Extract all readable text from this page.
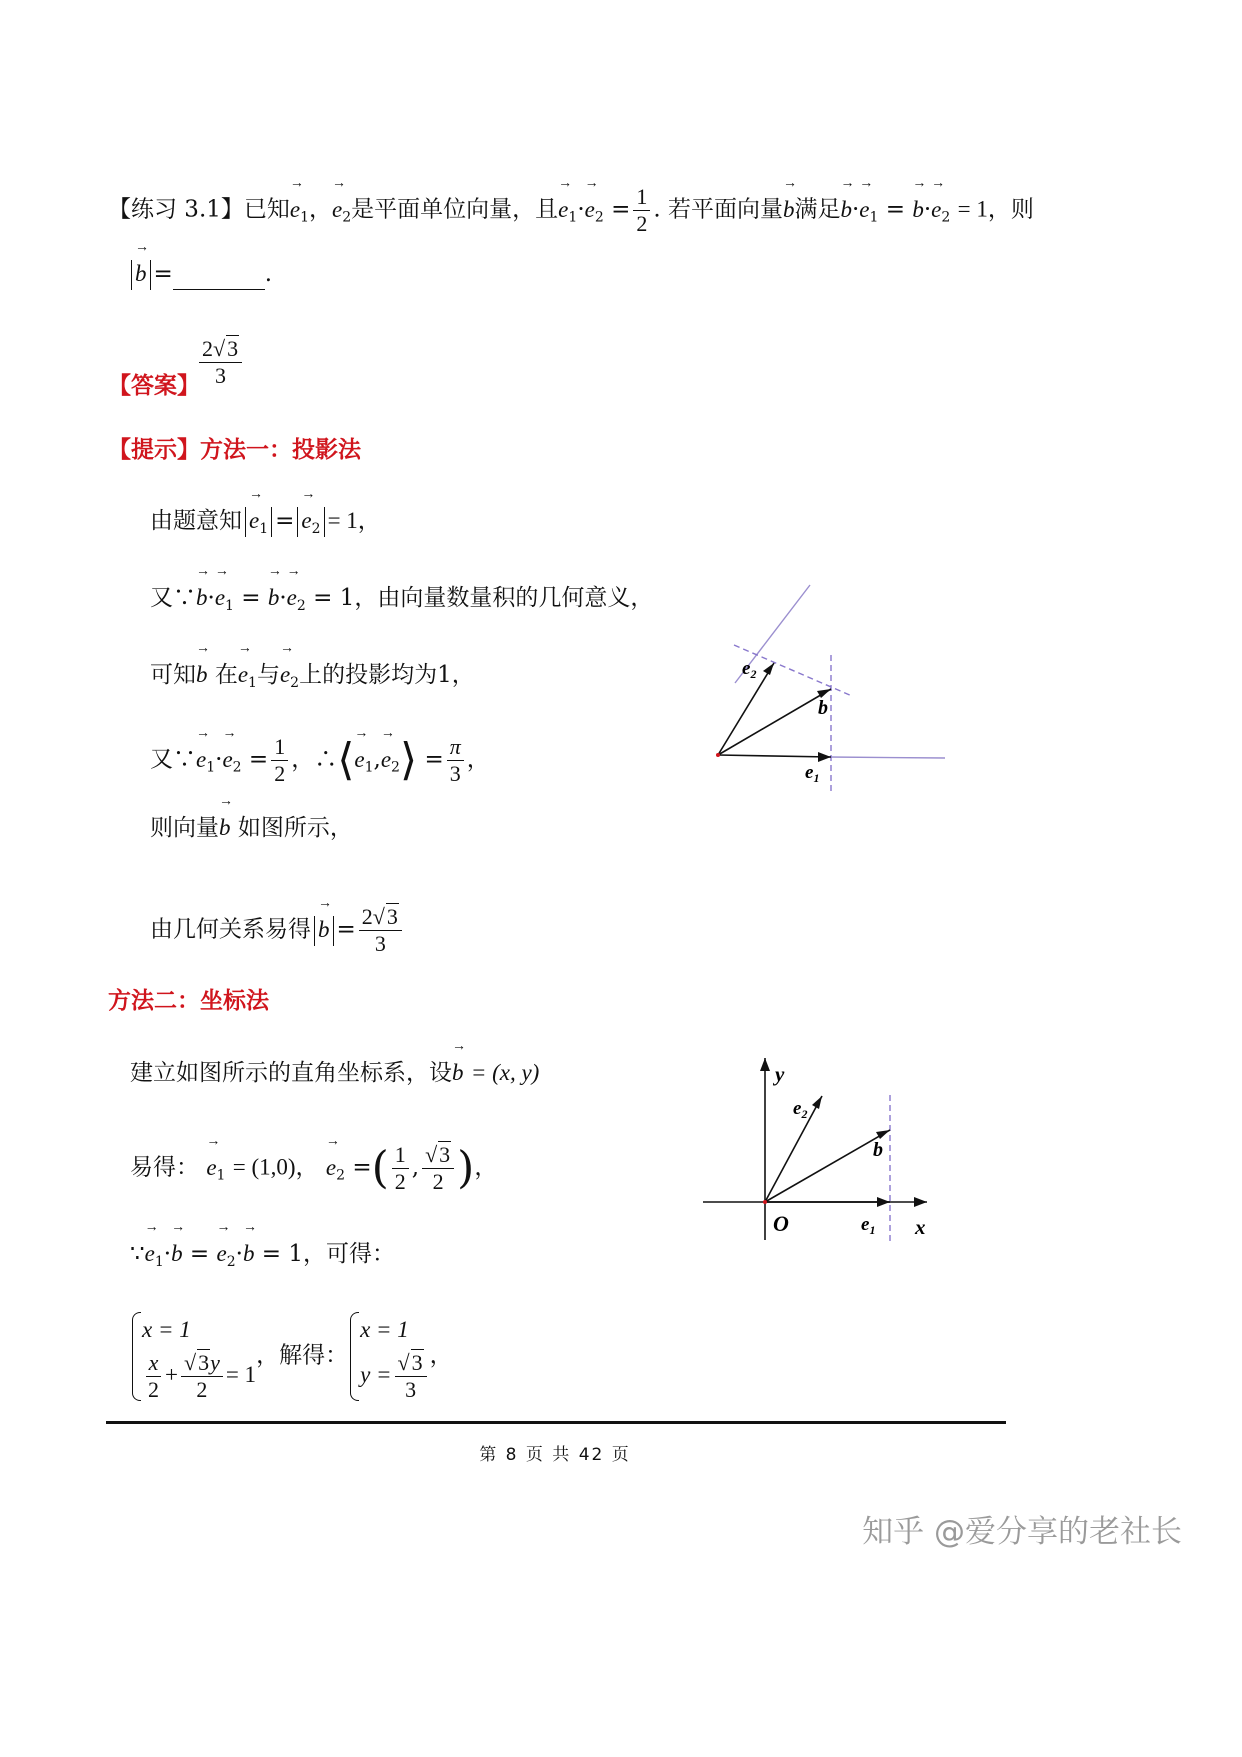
【练习 3.1】已知→ $e_1$，→ $e_2$是平面单位向量，且→ $e_1\cdot\to e_2 = \frac{1}{2}$ . 若平面向量→ b满足→ $b\cdot\to e_1$ = → $b\cdot\to e_2 = 1$，则
→ b =	.
【答案】 $\frac{2√3}{3}$
【提示】方法一：投影法
由题意知→ $e_1 =\to e_2 = 1$，
又∵→ $b\cdot\to e_1$ = → $b\cdot\to e_2 = 1$，由向量数量积的几何意义，
可知→ b 在→ $e_1$与→ $e_2$上的投影均为1，
又∵→ $e_1\cdot\to e_2 = \frac{1}{2}$ ，∴⟨→ $e_1,\to$ $e_2⟩ = \frac{\pi}{3}$ ，
则向量→ b 如图所示，
由几何关系易得→ $b = \frac{2√3}{3}$
$e_2$
b
$e_1$
方法二：坐标法
建立如图所示的直角坐标系，设→ b = (x, y)
易得： → $e_1 = (1,0)$， → $e_2$ =( $\frac{1}{2}$ , $\frac{√3}{2}$ )，
∵→ $e_1\cdot\to b$ = → $e_2\cdot\to b = 1$，可得：
x = 1
$\frac{x}{2} + \frac{√3y}{2} = 1$
，解得：
x = 1
$y = \frac{√3}{3}$ ，
y
$e_2$
b
O	$e_1$ x
第 8 页 共 42 页
知乎 @爱分享的老社长
